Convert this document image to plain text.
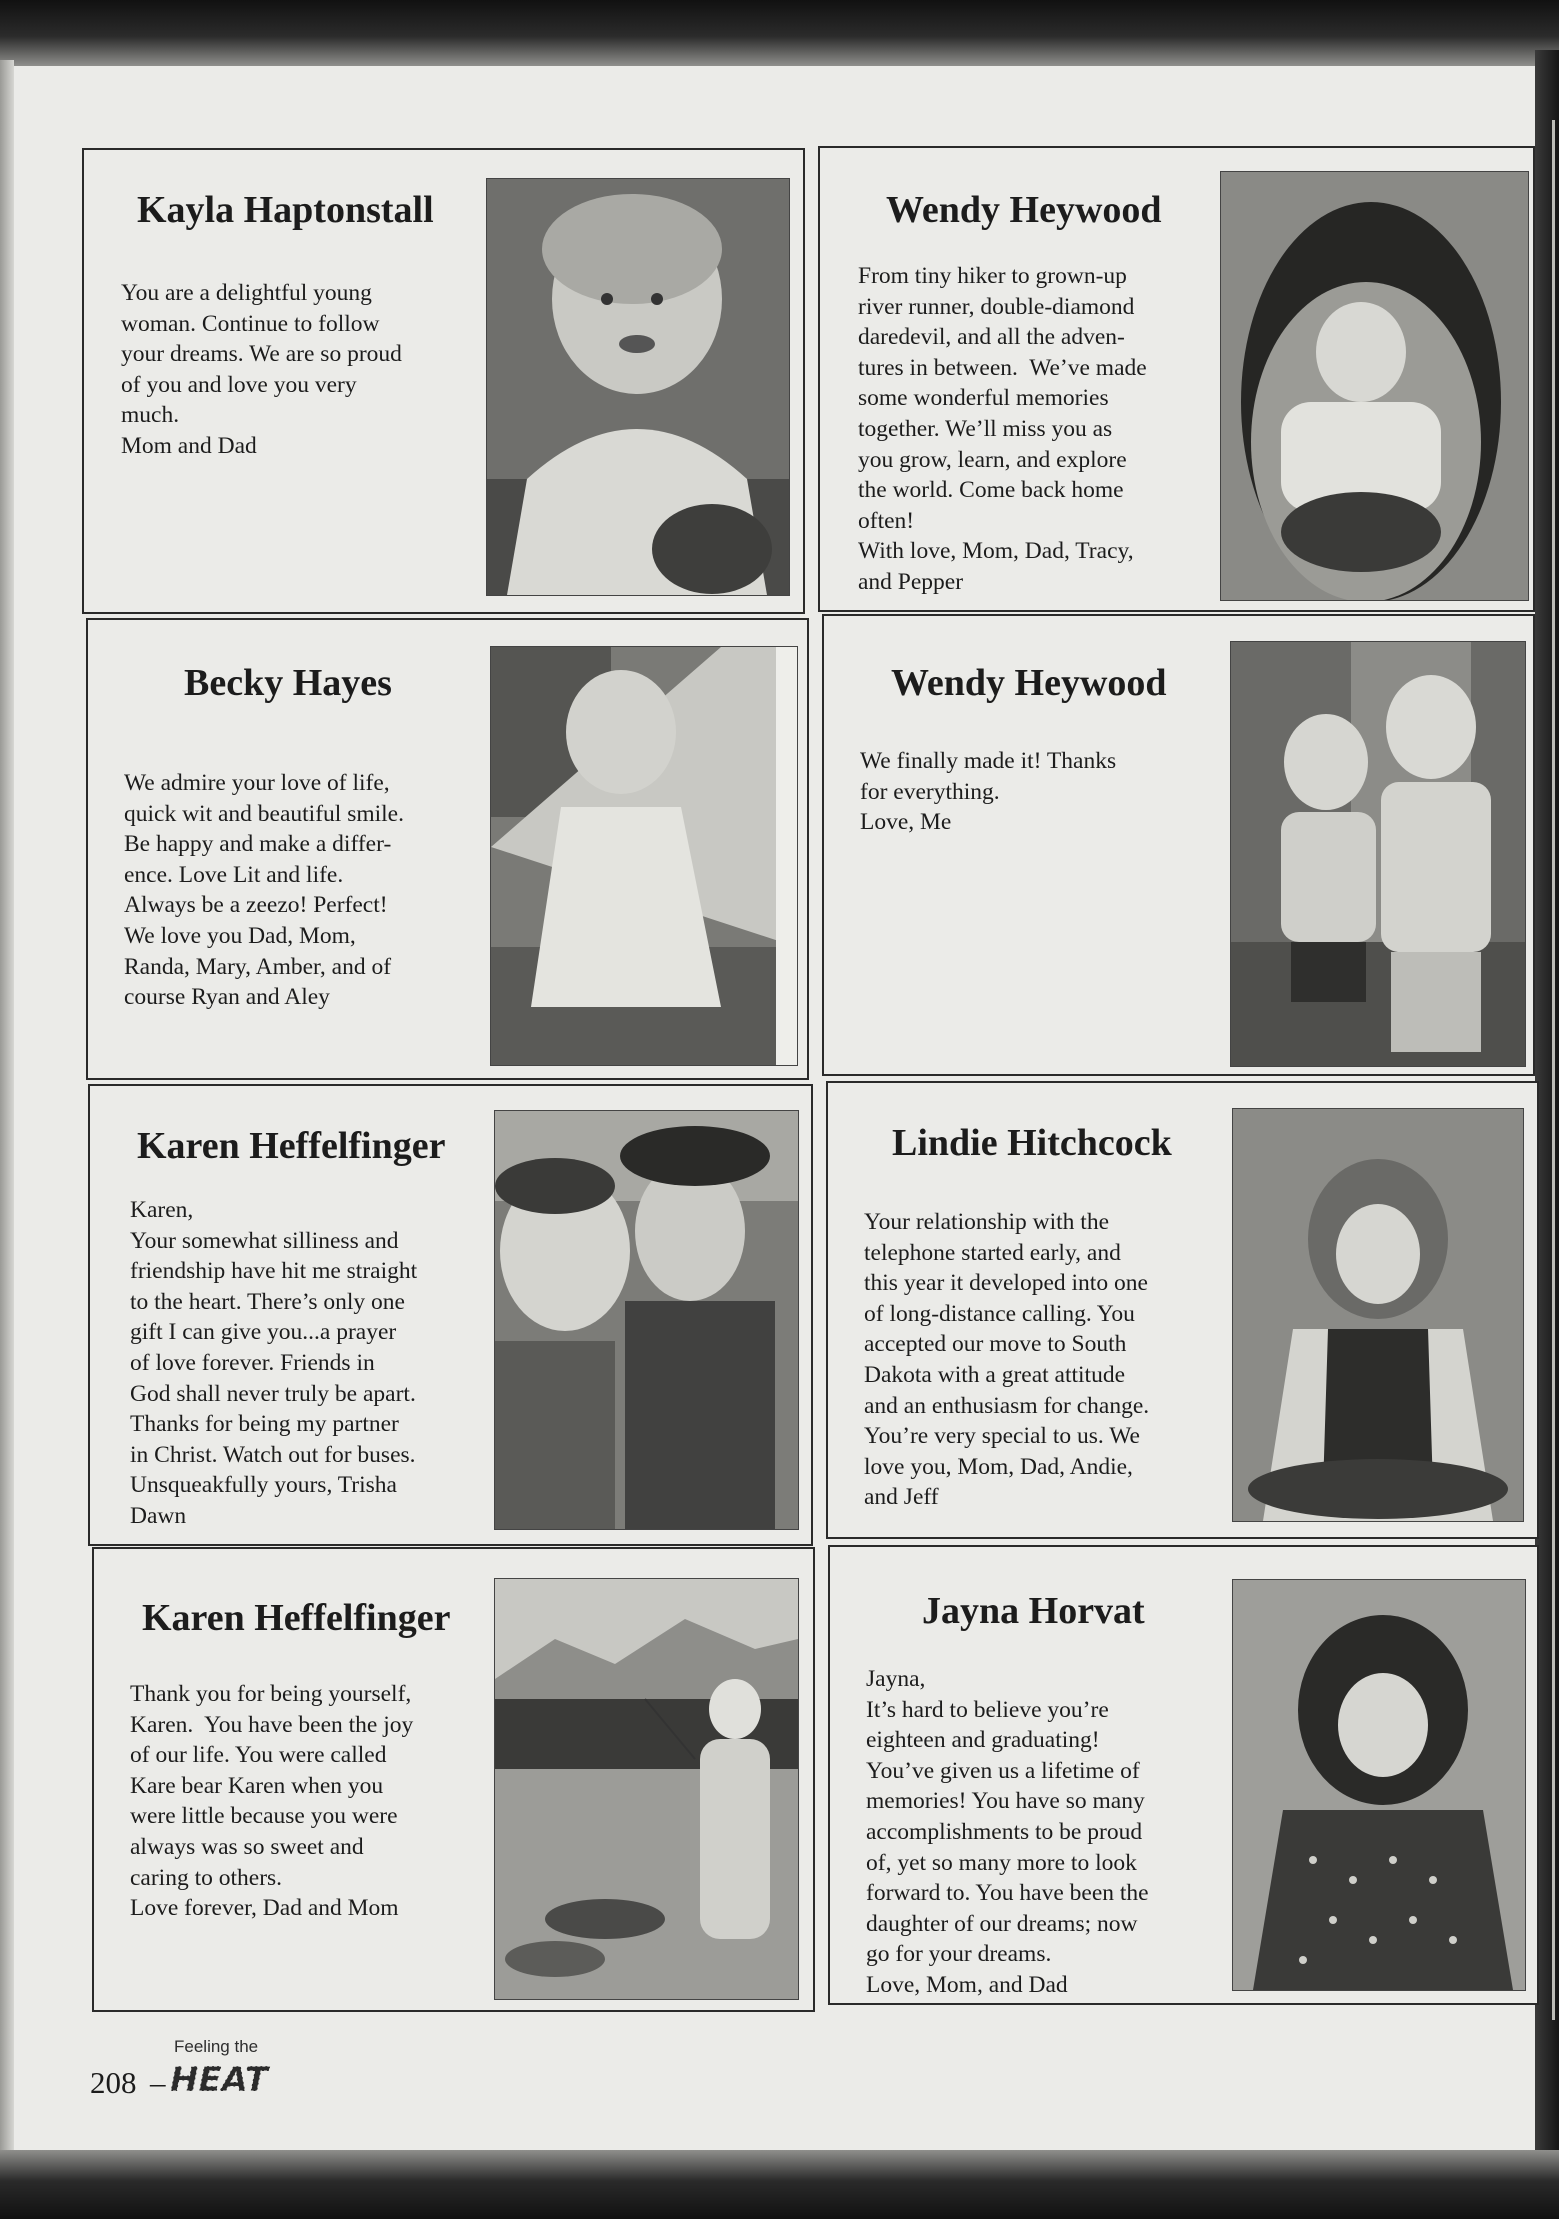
Kayla Haptonstall
You are a delightful young
woman. Continue to follow
your dreams. We are so proud
of you and love you very
much.
Mom and Dad
Wendy Heywood
From tiny hiker to grown-up
river runner, double-diamond
daredevil, and all the adven-
tures in between.  We’ve made
some wonderful memories
together. We’ll miss you as
you grow, learn, and explore
the world. Come back home
often!
With love, Mom, Dad, Tracy,
and Pepper
Becky Hayes
We admire your love of life,
quick wit and beautiful smile.
Be happy and make a differ-
ence. Love Lit and life.
Always be a zeezo! Perfect!
We love you Dad, Mom,
Randa, Mary, Amber, and of
course Ryan and Aley
Wendy Heywood
We finally made it! Thanks
for everything.
Love, Me
Karen Heffelfinger
Karen,
Your somewhat silliness and
friendship have hit me straight
to the heart. There’s only one
gift I can give you...a prayer
of love forever. Friends in
God shall never truly be apart.
Thanks for being my partner
in Christ. Watch out for buses.
Unsqueakfully yours, Trisha
Dawn
Lindie Hitchcock
Your relationship with the
telephone started early, and
this year it developed into one
of long-distance calling. You
accepted our move to South
Dakota with a great attitude
and an enthusiasm for change.
You’re very special to us. We
love you, Mom, Dad, Andie,
and Jeff
Karen Heffelfinger
Thank you for being yourself,
Karen.  You have been the joy
of our life. You were called
Kare bear Karen when you
were little because you were
always was so sweet and
caring to others.
Love forever, Dad and Mom
Jayna Horvat
Jayna,
It’s hard to believe you’re
eighteen and graduating!
You’ve given us a lifetime of
memories! You have so many
accomplishments to be proud
of, yet so many more to look
forward to. You have been the
daughter of our dreams; now
go for your dreams.
Love, Mom, and Dad
208 –
Feeling the
HEAT
